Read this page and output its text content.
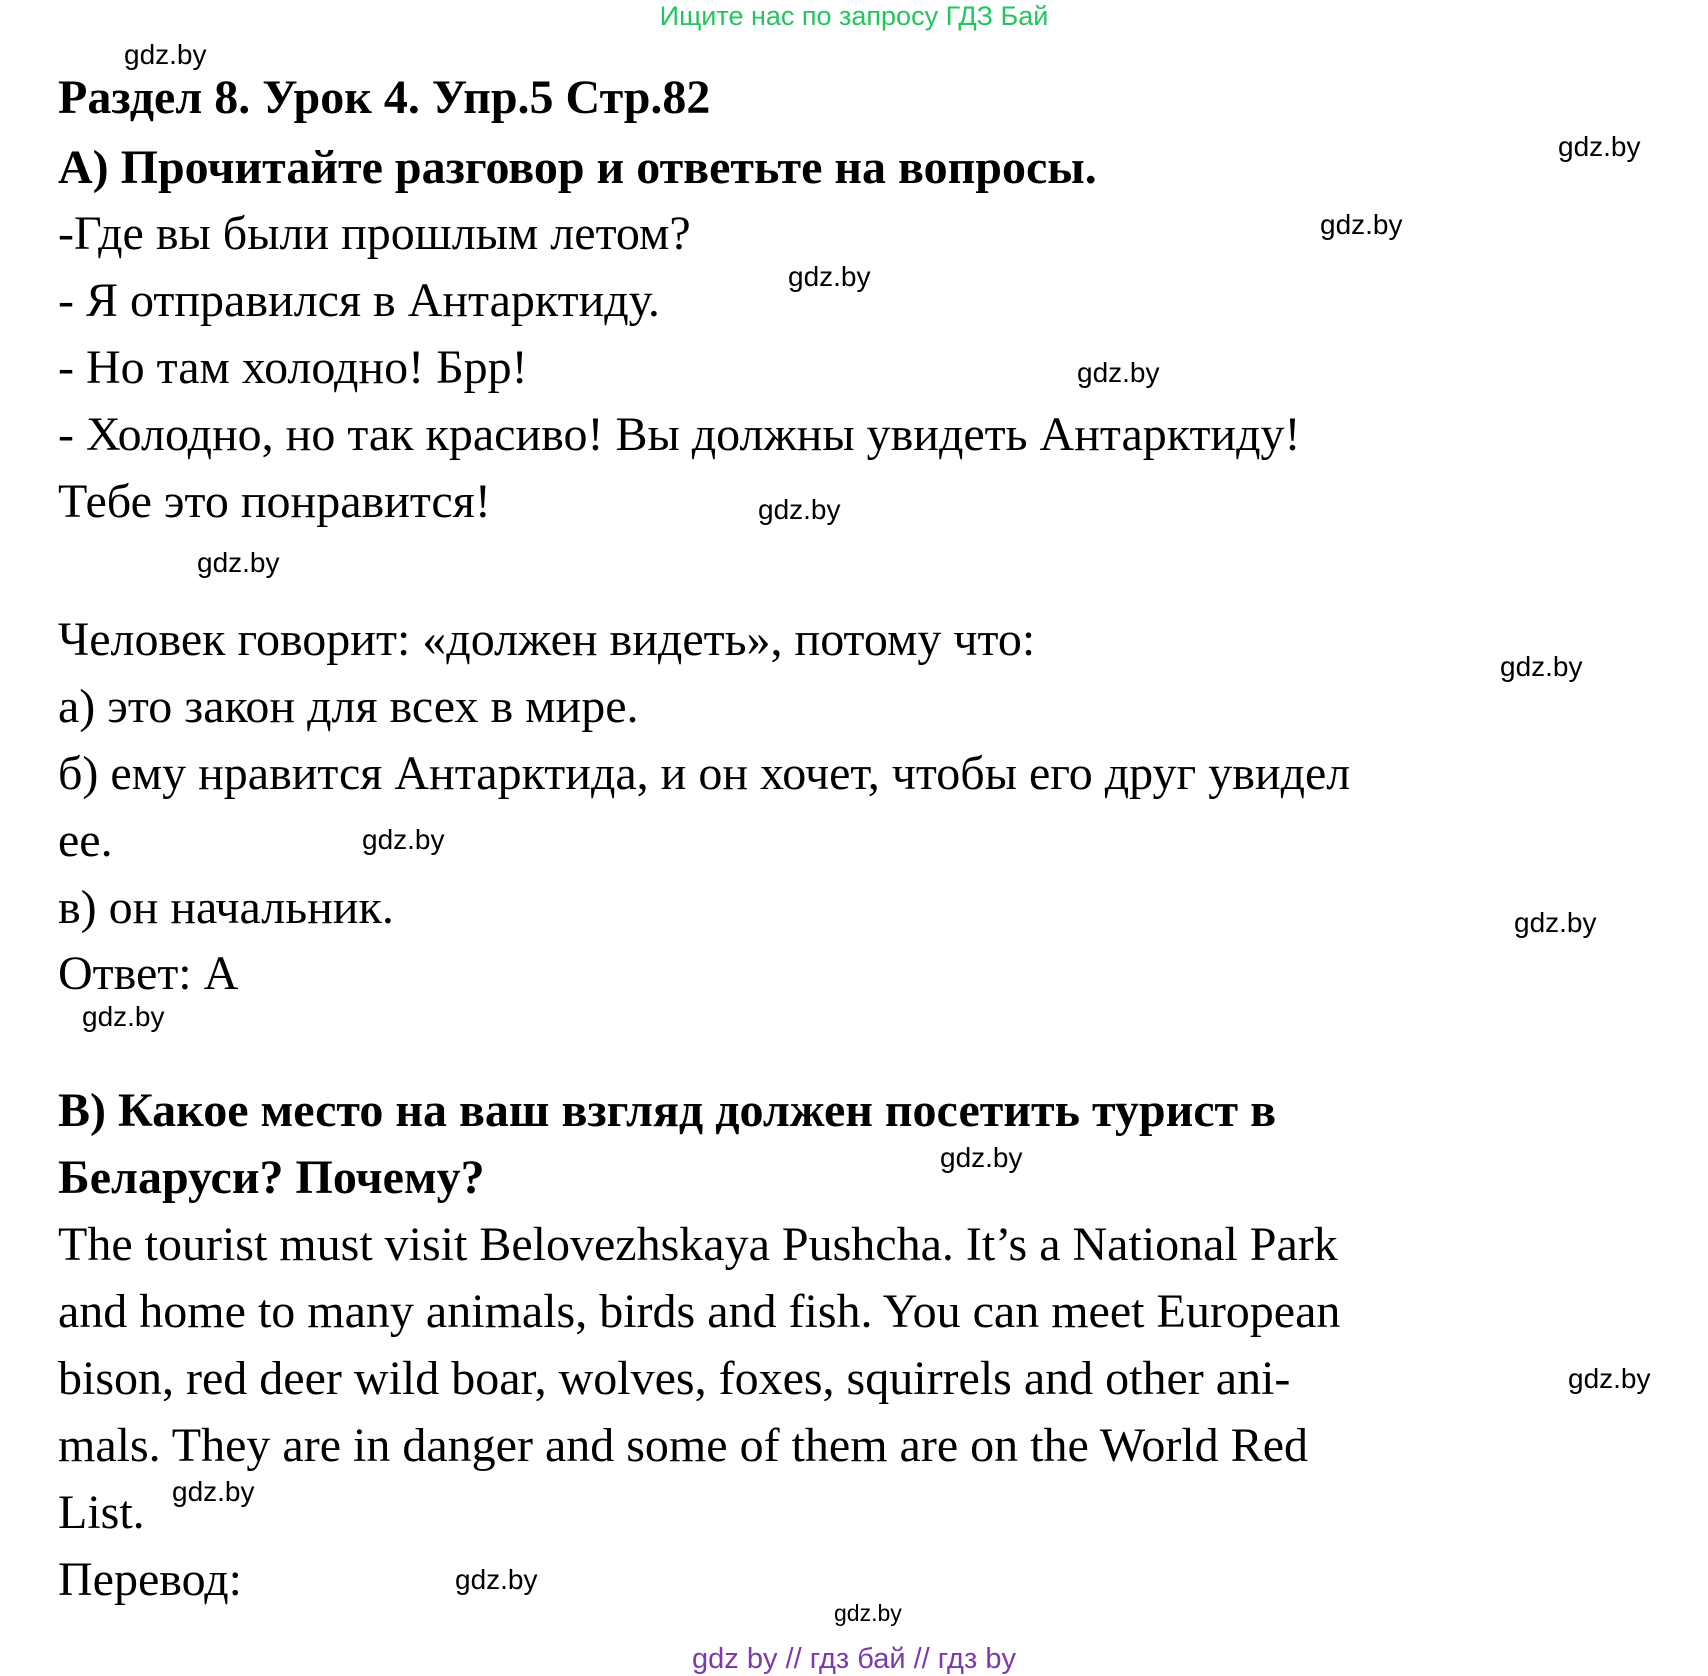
Ищите нас по запросу ГДЗ Бай
Раздел 8. Урок 4. Упр.5 Стр.82
А) Прочитайте разговор и ответьте на вопросы.
-Где вы были прошлым летом?
- Я отправился в Антарктиду.
- Но там холодно! Брр!
- Холодно, но так красиво! Вы должны увидеть Антарктиду!
Тебе это понравится!
Человек говорит: «должен видеть», потому что:
а) это закон для всех в мире.
б) ему нравится Антарктида, и он хочет, чтобы его друг увидел
ее.
в) он начальник.
Ответ: А
В) Какое место на ваш взгляд должен посетить турист в
Беларуси? Почему?
The tourist must visit Belovezhskaya Pushcha. It’s a National Park
and home to many animals, birds and fish. You can meet European
bison, red deer wild boar, wolves, foxes, squirrels and other ani-
mals. They are in danger and some of them are on the World Red
List.
Перевод:
gdz.by
gdz.by
gdz.by
gdz.by
gdz.by
gdz.by
gdz.by
gdz.by
gdz.by
gdz.by
gdz.by
gdz.by
gdz.by
gdz.by
gdz.by
gdz.by
gdz by // гдз бай // гдз by
